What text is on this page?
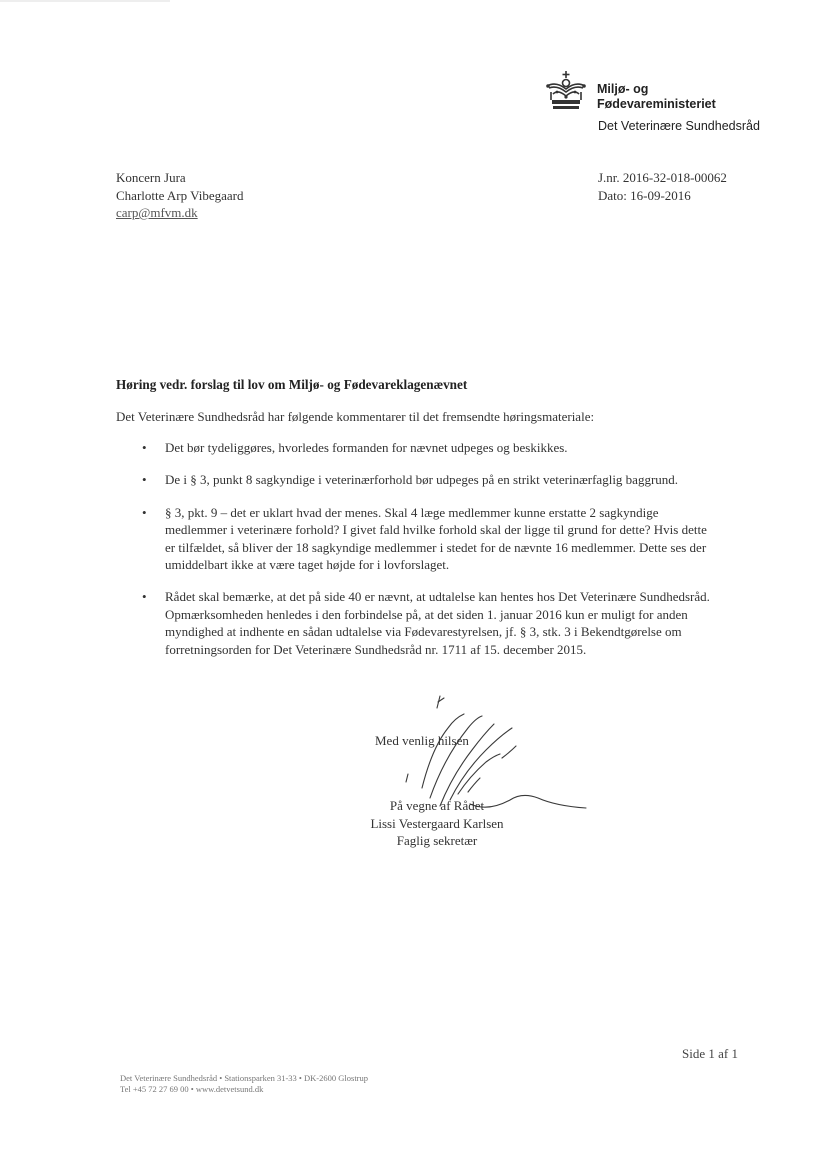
Miljø- og
Fødevareministeriet
Det Veterinære Sundhedsråd
Koncern Jura
Charlotte Arp Vibegaard
carp@mfvm.dk
J.nr. 2016-32-018-00062
Dato: 16-09-2016
Høring vedr. forslag til lov om Miljø- og Fødevareklagenævnet
Det Veterinære Sundhedsråd har følgende kommentarer til det fremsendte høringsmateriale:
• Det bør tydeliggøres, hvorledes formanden for nævnet udpeges og beskikkes.
• De i § 3, punkt 8 sagkyndige i veterinærforhold bør udpeges på en strikt veterinærfaglig baggrund.
• § 3, pkt. 9 – det er uklart hvad der menes. Skal 4 læge medlemmer kunne erstatte 2 sagkyndige medlemmer i veterinære forhold? I givet fald hvilke forhold skal der ligge til grund for dette? Hvis dette er tilfældet, så bliver der 18 sagkyndige medlemmer i stedet for de nævnte 16 medlemmer. Dette ses der umiddelbart ikke at være taget højde for i lovforslaget.
• Rådet skal bemærke, at det på side 40 er nævnt, at udtalelse kan hentes hos Det Veterinære Sundhedsråd. Opmærksomheden henledes i den forbindelse på, at det siden 1. januar 2016 kun er muligt for anden myndighed at indhente en sådan udtalelse via Fødevarestyrelsen, jf. § 3, stk. 3 i Bekendtgørelse om forretningsorden for Det Veterinære Sundhedsråd nr. 1711 af 15. december 2015.
Med venlig hilsen
På vegne af Rådet
Lissi Vestergaard Karlsen
Faglig sekretær
Side 1 af 1
Det Veterinære Sundhedsråd • Stationsparken 31-33 • DK-2600 Glostrup
Tel +45 72 27 69 00 • www.detvetsund.dk
